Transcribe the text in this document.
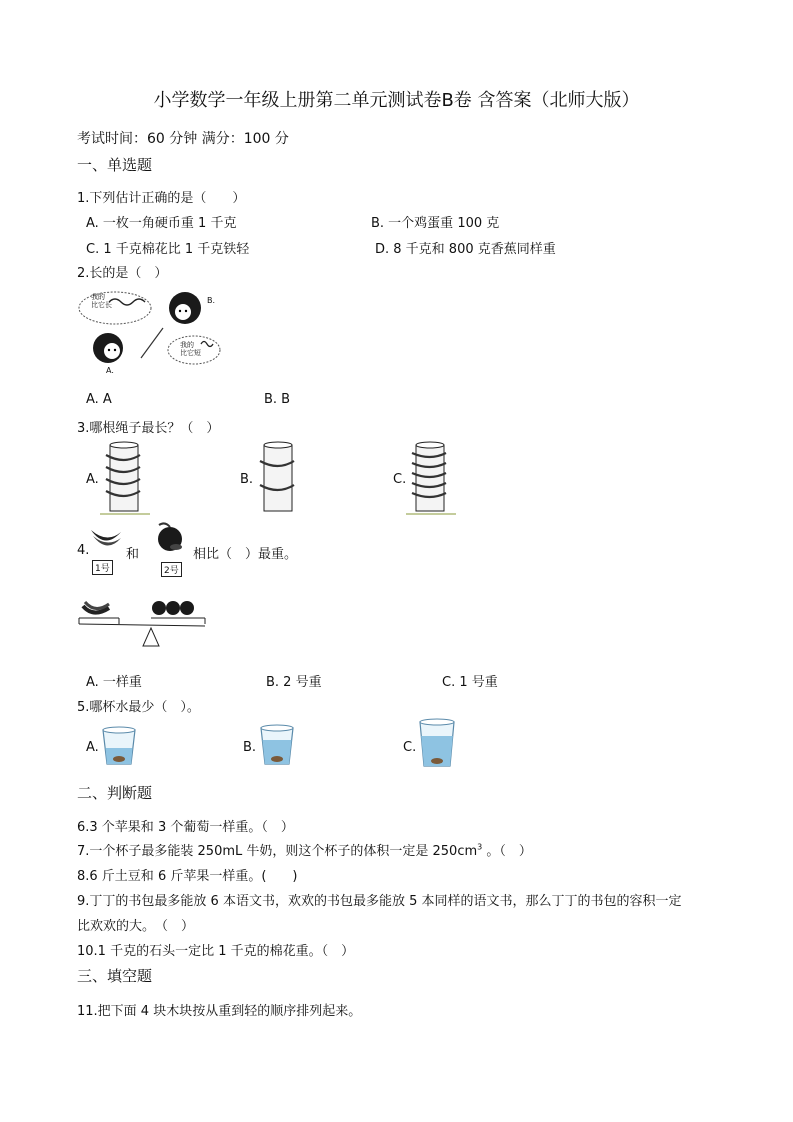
小学数学一年级上册第二单元测试卷B卷 含答案（北师大版）
考试时间：60 分钟 满分：100 分
一、单选题
1.下列估计正确的是（　　）
A. 一枚一角硬币重 1 千克	B. 一个鸡蛋重 100 克
C. 1 千克棉花比 1 千克铁轻	D. 8 千克和 800 克香蕉同样重
2.长的是（　）
我的
比它长	B.
A.
我的
比它短
A. A	B. B
3.哪根绳子最长？（　）
A.	B.	C.
4.
1号
和
2号
相比（　）最重。
A. 一样重	B. 2 号重	C. 1 号重
5.哪杯水最少（　）。
A.	B.	C.
二、判断题
6.3 个苹果和 3 个葡萄一样重。（　）
7.一个杯子最多能装 250mL 牛奶，则这个杯子的体积一定是 $250cm^3$ 。（　）
8.6 斤土豆和 6 斤苹果一样重。(　　)
9.丁丁的书包最多能放 6 本语文书，欢欢的书包最多能放 5 本同样的语文书，那么丁丁的书包的容积一定
比欢欢的大。　（　）
10.1 千克的石头一定比 1 千克的棉花重。（　）
三、填空题
11.把下面 4 块木块按从重到轻的顺序排列起来。
